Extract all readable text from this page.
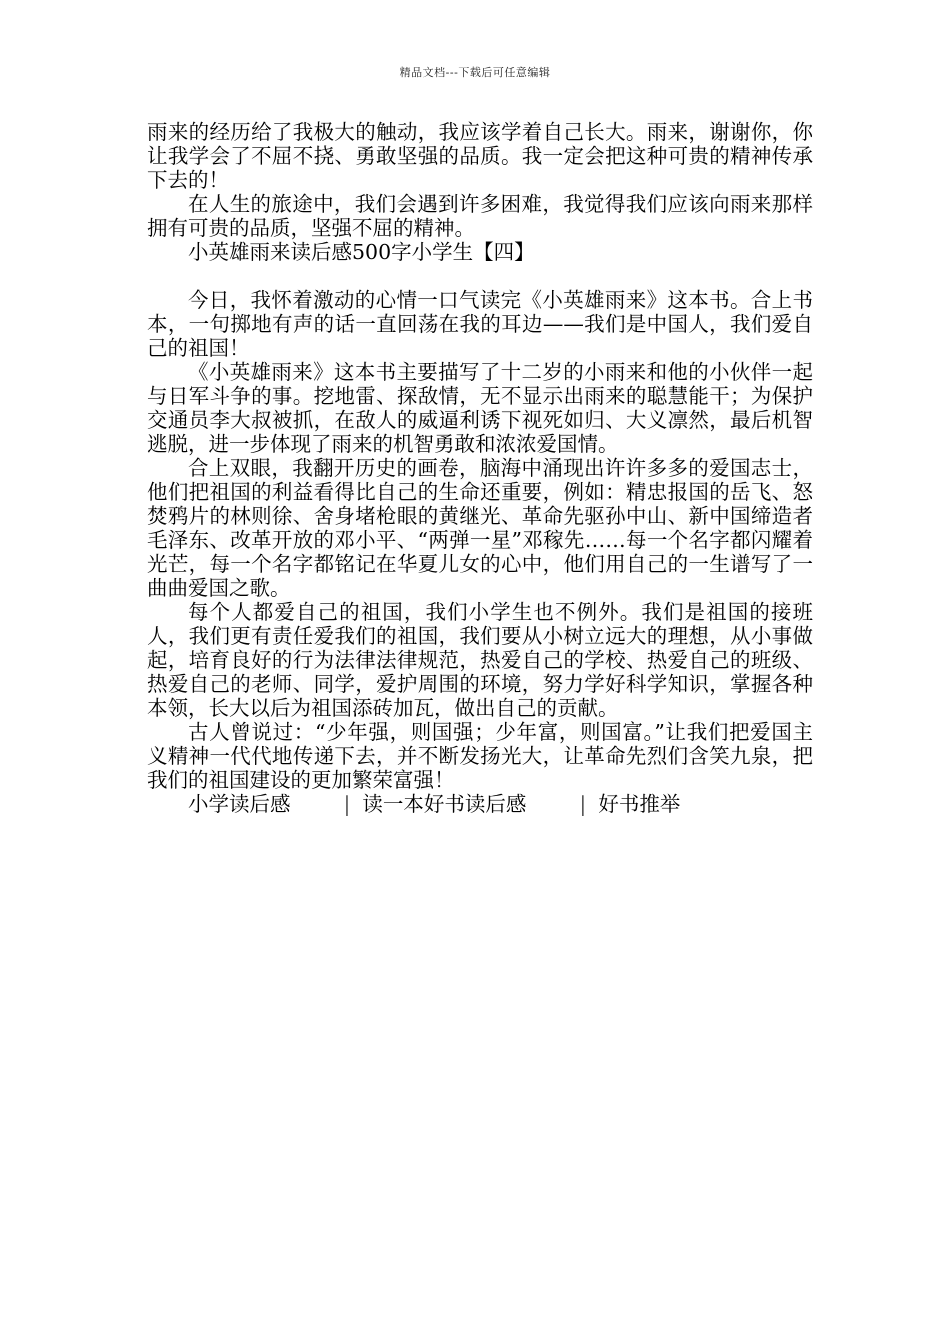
精品文档---下载后可任意编辑

雨来的经历给了我极大的触动，我应该学着自己长大。雨来，谢谢你，你让我学会了不屈不挠、勇敢坚强的品质。我一定会把这种可贵的精神传承下去的！

在人生的旅途中，我们会遇到许多困难，我觉得我们应该向雨来那样拥有可贵的品质，坚强不屈的精神。

小英雄雨来读后感500字小学生【四】

今日，我怀着激动的心情一口气读完《小英雄雨来》这本书。合上书本，一句掷地有声的话一直回荡在我的耳边——我们是中国人，我们爱自己的祖国！

《小英雄雨来》这本书主要描写了十二岁的小雨来和他的小伙伴一起与日军斗争的事。挖地雷、探敌情，无不显示出雨来的聪慧能干；为保护交通员李大叔被抓，在敌人的威逼利诱下视死如归、大义凛然，最后机智逃脱，进一步体现了雨来的机智勇敢和浓浓爱国情。

合上双眼，我翻开历史的画卷，脑海中涌现出许许多多的爱国志士，他们把祖国的利益看得比自己的生命还重要，例如：精忠报国的岳飞、怒焚鸦片的林则徐、舍身堵枪眼的黄继光、革命先驱孙中山、新中国缔造者毛泽东、改革开放的邓小平、“两弹一星”邓稼先……每一个名字都闪耀着光芒，每一个名字都铭记在华夏儿女的心中，他们用自己的一生谱写了一曲曲爱国之歌。

每个人都爱自己的祖国，我们小学生也不例外。我们是祖国的接班人，我们更有责任爱我们的祖国，我们要从小树立远大的理想，从小事做起，培育良好的行为法律法律规范，热爱自己的学校、热爱自己的班级、热爱自己的老师、同学，爱护周围的环境，努力学好科学知识，掌握各种本领，长大以后为祖国添砖加瓦，做出自己的贡献。

古人曾说过：“少年强，则国强；少年富，则国富。”让我们把爱国主义精神一代代地传递下去，并不断发扬光大，让革命先烈们含笑九泉，把我们的祖国建设的更加繁荣富强！

小学读后感	| 读一本好书读后感	| 好书推举
